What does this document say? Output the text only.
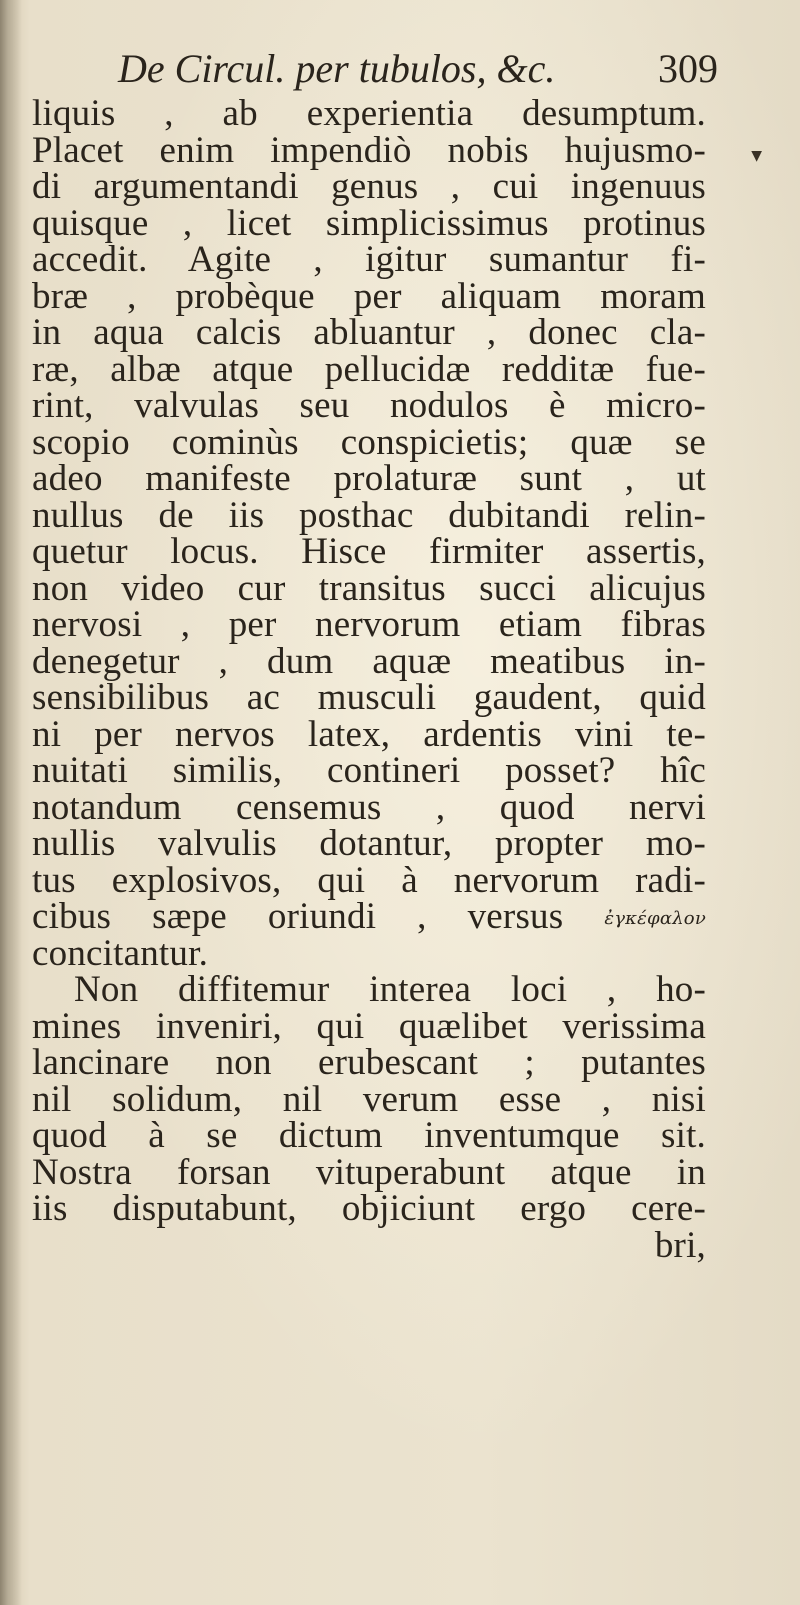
De Circul. per tubulos, &c.	309
liquis , ab experientia desumptum.
Placet enim impendiò nobis hujusmo-
di argumentandi genus , cui ingenuus
quisque , licet simplicissimus protinus
accedit. Agite , igitur sumantur fi-
bræ , probèque per aliquam moram
in aqua calcis abluantur , donec cla-
ræ, albæ atque pellucidæ redditæ fue-
rint, valvulas seu nodulos è micro-
scopio cominùs conspicietis; quæ se
adeo manifeste prolaturæ sunt , ut
nullus de iis posthac dubitandi relin-
quetur locus. Hisce firmiter assertis,
non video cur transitus succi alicujus
nervosi , per nervorum etiam fibras
denegetur , dum aquæ meatibus in-
sensibilibus ac musculi gaudent, quid
ni per nervos latex, ardentis vini te-
nuitati similis, contineri posset? hîc
notandum censemus , quod nervi
nullis valvulis dotantur, propter mo-
tus explosivos, qui à nervorum radi-
cibus sæpe oriundi , versus ἐγκέφαλον
concitantur.
Non diffitemur interea loci , ho-
mines inveniri, qui quælibet verissima
lancinare non erubescant ; putantes
nil solidum, nil verum esse , nisi
quod à se dictum inventumque sit.
Nostra forsan vituperabunt atque in
iis disputabunt, objiciunt ergo cere-
bri,
▼
